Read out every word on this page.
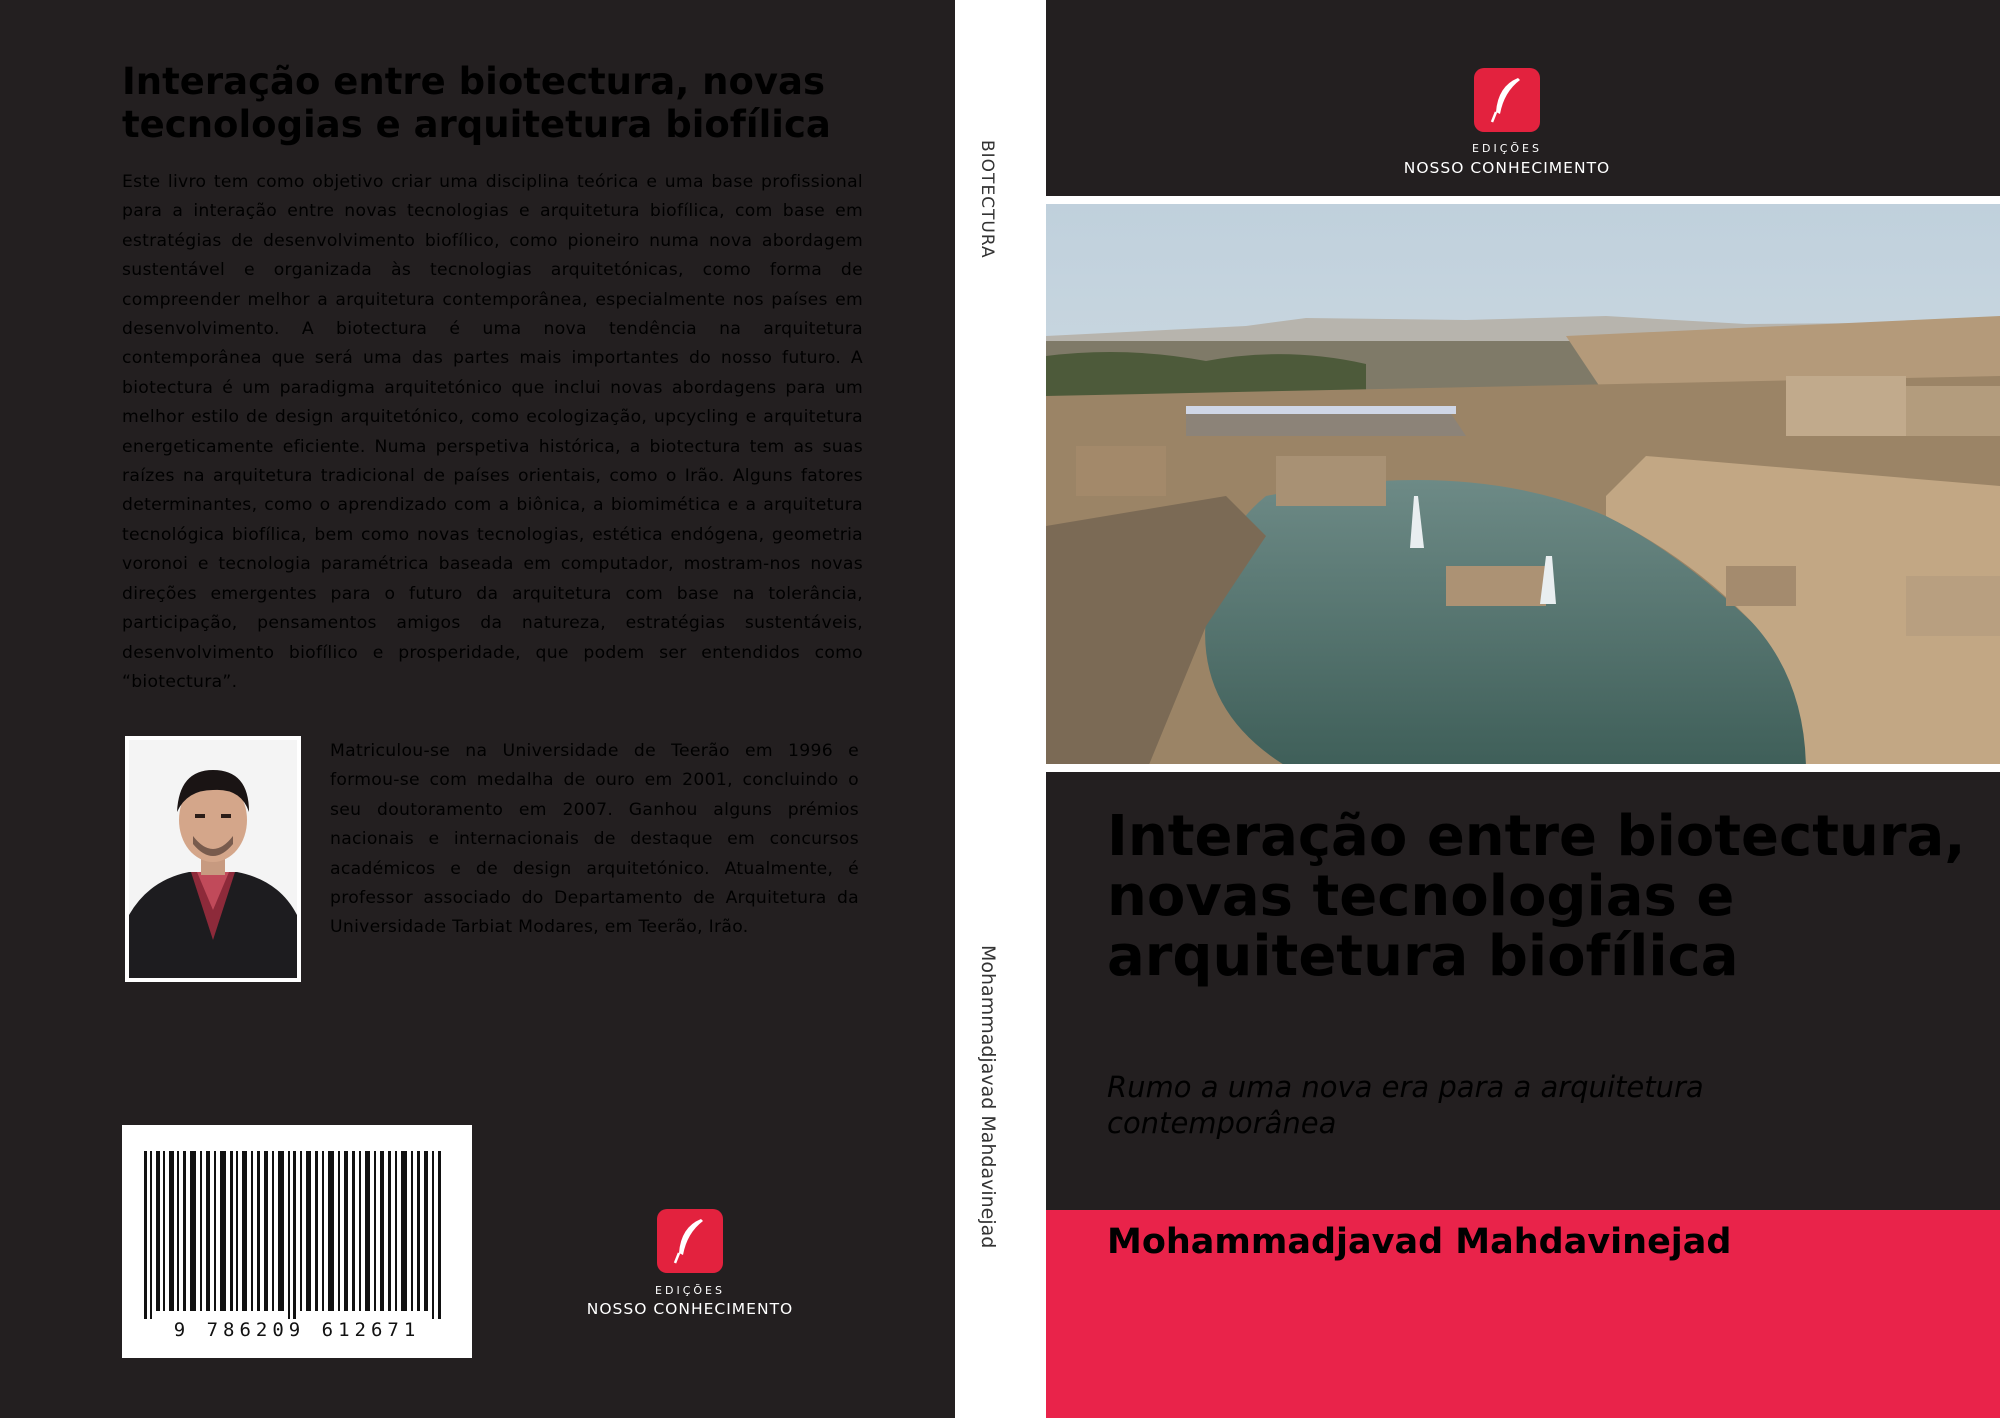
Interação entre biotectura, novas tecnologias e arquitetura biofílica

Este livro tem como objetivo criar uma disciplina teórica e uma base profissional para a interação entre novas tecnologias e arquitetura biofílica, com base em estratégias de desenvolvimento biofílico, como pioneiro numa nova abordagem sustentável e organizada às tecnologias arquitetónicas, como forma de compreender melhor a arquitetura contemporânea, especialmente nos países em desenvolvimento. A biotectura é uma nova tendência na arquitetura contemporânea que será uma das partes mais importantes do nosso futuro. A biotectura é um paradigma arquitetónico que inclui novas abordagens para um melhor estilo de design arquitetónico, como ecologização, upcycling e arquitetura energeticamente eficiente. Numa perspetiva histórica, a biotectura tem as suas raízes na arquitetura tradicional de países orientais, como o Irão. Alguns fatores determinantes, como o aprendizado com a biônica, a biomimética e a arquitetura tecnológica biofílica, bem como novas tecnologias, estética endógena, geometria voronoi e tecnologia paramétrica baseada em computador, mostram-nos novas direções emergentes para o futuro da arquitetura com base na tolerância, participação, pensamentos amigos da natureza, estratégias sustentáveis, desenvolvimento biofílico e prosperidade, que podem ser entendidos como “biotectura”.

Matriculou-se na Universidade de Teerão em 1996 e formou-se com medalha de ouro em 2001, concluindo o seu doutoramento em 2007. Ganhou alguns prémios nacionais e internacionais de destaque em concursos académicos e de design arquitetónico. Atualmente, é professor associado do Departamento de Arquitetura da Universidade Tarbiat Modares, em Teerão, Irão.

9 786209 612671
EDIÇÕES
NOSSO CONHECIMENTO
BIOTECTURA
Mohammadjavad Mahdavinejad
EDIÇÕES
NOSSO CONHECIMENTO
Interação entre biotectura, novas tecnologias e arquitetura biofílica

Rumo a uma nova era para a arquitetura contemporânea

Mohammadjavad Mahdavinejad
